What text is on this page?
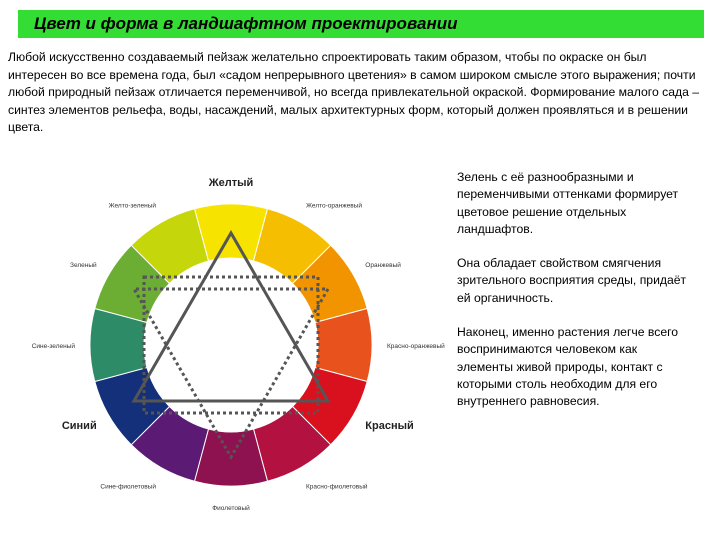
Цвет и форма в ландшафтном проектировании
Любой искусственно создаваемый пейзаж желательно спроектировать таким образом, чтобы по окраске он был интересен во все времена года, был «садом непрерывного цветения» в самом широком смысле этого выражения; почти любой природный пейзаж отличается переменчивой, но всегда привлекательной окраской. Формирование малого сада – синтез элементов рельефа, воды, насаждений, малых архитектурных форм, который должен проявляться и в решении цвета.
Желтый
Желто-оранжевый
Оранжевый
Красно-оранжевый
Красный
Красно-фиолетовый
Фиолетовый
Сине-фиолетовый
Синий
Сине-зеленый
Зеленый
Желто-зеленый

Зелень с её разнообразными и переменчивыми оттенками формирует цветовое решение отдельных ландшафтов.

Она обладает свойством смягчения зрительного восприятия среды, придаёт ей органичность.

Наконец, именно растения легче всего воспринимаются человеком как элементы живой природы, контакт с которыми столь необходим для его внутреннего равновесия.
